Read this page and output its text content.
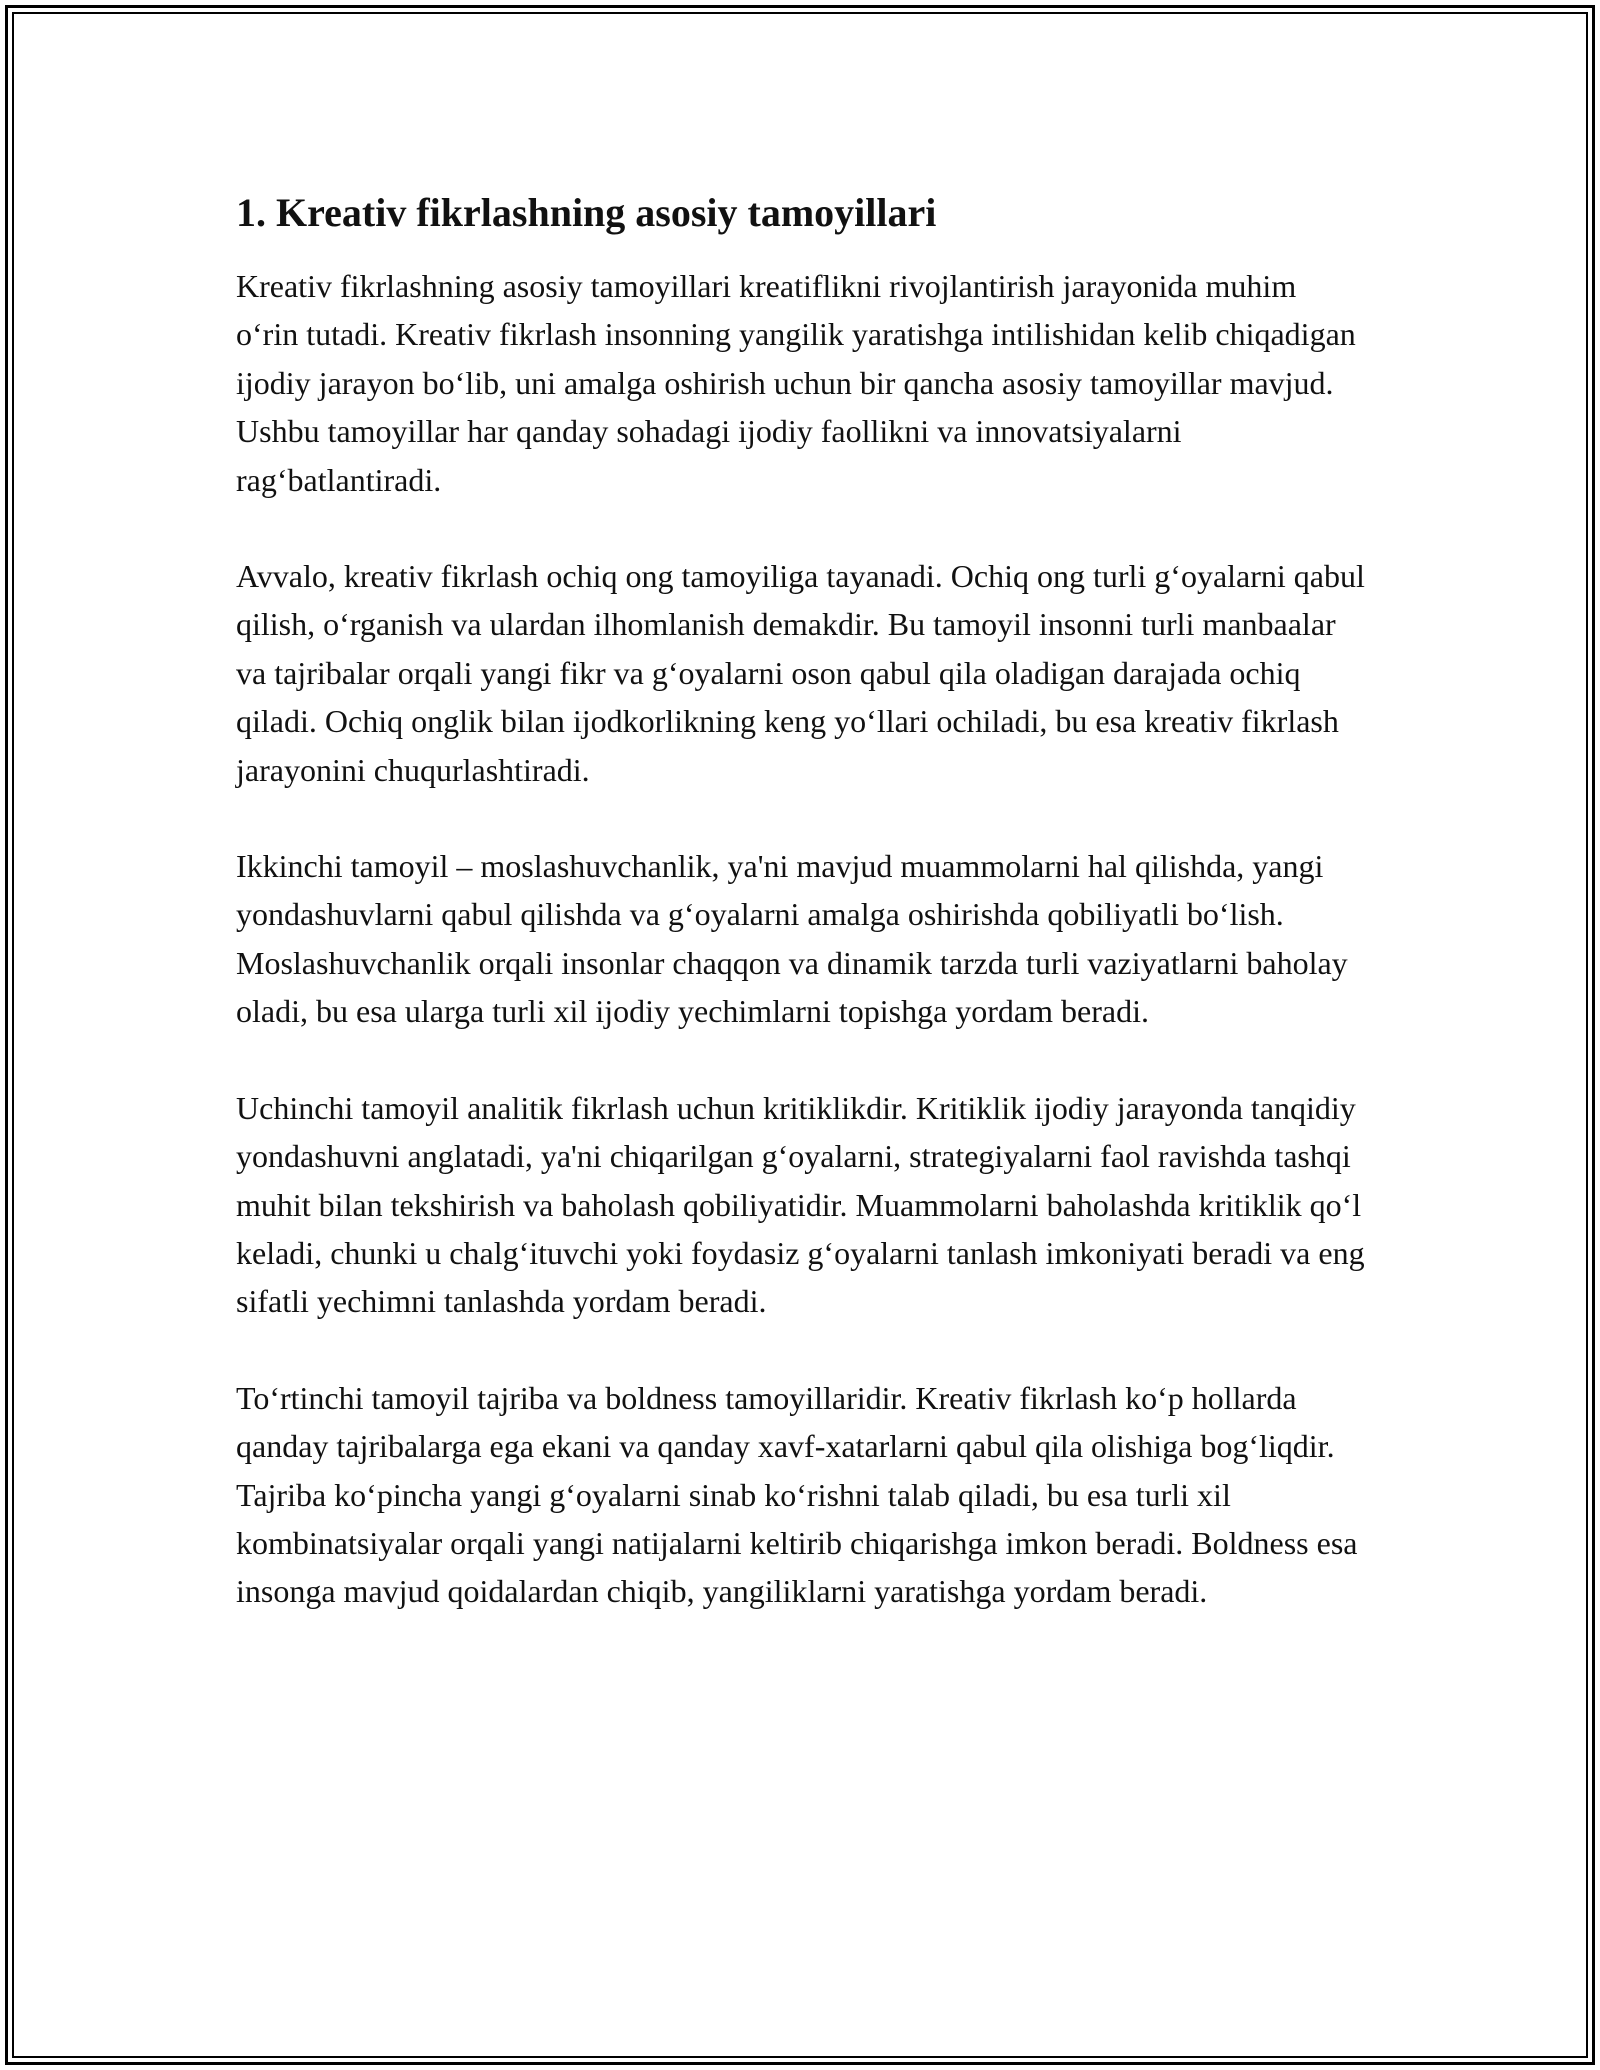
1. Kreativ fikrlashning asosiy tamoyillari

Kreativ fikrlashning asosiy tamoyillari kreatiflikni rivojlantirish jarayonida muhim o‘rin tutadi. Kreativ fikrlash insonning yangilik yaratishga intilishidan kelib chiqadigan ijodiy jarayon bo‘lib, uni amalga oshirish uchun bir qancha asosiy tamoyillar mavjud. Ushbu tamoyillar har qanday sohadagi ijodiy faollikni va innovatsiyalarni rag‘batlantiradi.

Avvalo, kreativ fikrlash ochiq ong tamoyiliga tayanadi. Ochiq ong turli g‘oyalarni qabul qilish, o‘rganish va ulardan ilhomlanish demakdir. Bu tamoyil insonni turli manbaalar va tajribalar orqali yangi fikr va g‘oyalarni oson qabul qila oladigan darajada ochiq qiladi. Ochiq onglik bilan ijodkorlikning keng yo‘llari ochiladi, bu esa kreativ fikrlash jarayonini chuqurlashtiradi.

Ikkinchi tamoyil – moslashuvchanlik, ya'ni mavjud muammolarni hal qilishda, yangi yondashuvlarni qabul qilishda va g‘oyalarni amalga oshirishda qobiliyatli bo‘lish. Moslashuvchanlik orqali insonlar chaqqon va dinamik tarzda turli vaziyatlarni baholay oladi, bu esa ularga turli xil ijodiy yechimlarni topishga yordam beradi.

Uchinchi tamoyil analitik fikrlash uchun kritiklikdir. Kritiklik ijodiy jarayonda tanqidiy yondashuvni anglatadi, ya'ni chiqarilgan g‘oyalarni, strategiyalarni faol ravishda tashqi muhit bilan tekshirish va baholash qobiliyatidir. Muammolarni baholashda kritiklik qo‘l keladi, chunki u chalg‘ituvchi yoki foydasiz g‘oyalarni tanlash imkoniyati beradi va eng sifatli yechimni tanlashda yordam beradi.

To‘rtinchi tamoyil tajriba va boldness tamoyillaridir. Kreativ fikrlash ko‘p hollarda qanday tajribalarga ega ekani va qanday xavf-xatarlarni qabul qila olishiga bog‘liqdir. Tajriba ko‘pincha yangi g‘oyalarni sinab ko‘rishni talab qiladi, bu esa turli xil kombinatsiyalar orqali yangi natijalarni keltirib chiqarishga imkon beradi. Boldness esa insonga mavjud qoidalardan chiqib, yangiliklarni yaratishga yordam beradi.
